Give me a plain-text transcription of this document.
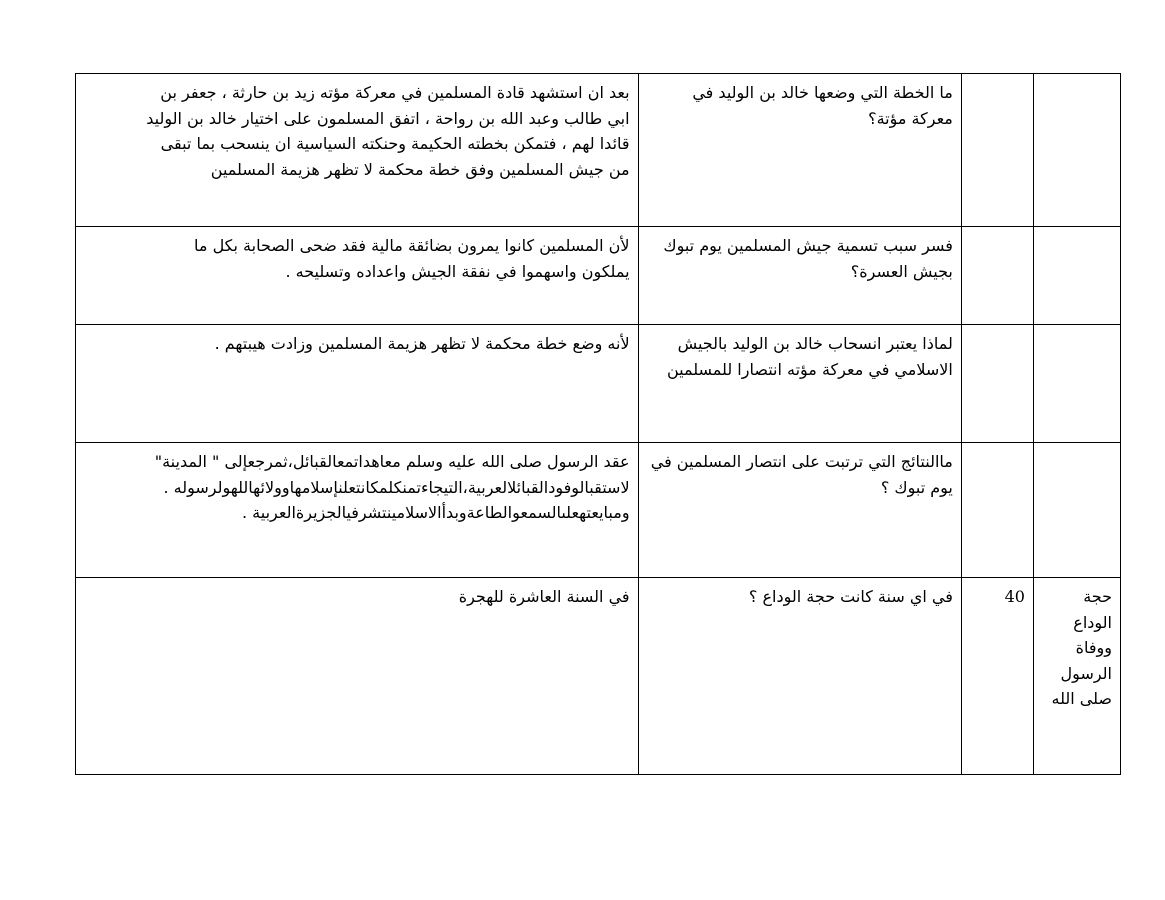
		ما الخطة التي وضعها خالد بن الوليد في معركة مؤتة؟	بعد ان استشهد قادة المسلمين في معركة مؤته زيد بن حارثة ، جعفر بن

ابي طالب وعبد الله بن رواحة ، اتفق المسلمون على اختيار خالد بن الوليد

قائدا لهم ، فتمكن بخطته الحكيمة وحنكته السياسية ان ينسحب بما تبقى

من جيش المسلمين وفق خطة محكمة لا تظهر هزيمة المسلمين

		فسر سبب تسمية جيش المسلمين يوم تبوك بجيش العسرة؟	لأن المسلمين كانوا يمرون بضائقة مالية فقد ضحى الصحابة بكل ما

يملكون واسهموا في نفقة الجيش واعداده وتسليحه .

		لماذا يعتبر انسحاب خالد بن الوليد بالجيش الاسلامي في معركة مؤته انتصارا للمسلمين	لأنه وضع خطة محكمة لا تظهر هزيمة المسلمين وزادت هيبتهم .

		ماالنتائج التي ترتبت على انتصار المسلمين في يوم تبوك ؟	عقد الرسول صلى الله عليه وسلم معاهداتمعالقبائل،ثمرجعإلى " المدينة"

لاستقبالوفودالقبائلالعربية،التيجاءتمنكلمكانتعلنإسلامهاوولائهاللهولرسوله .

ومبايعتهعلىالسمعوالطاعةوبدأالاسلامينتشرفيالجزيرةالعربية .

حجة الوداع ووفاة الرسول صلى الله	40	في اي سنة كانت حجة الوداع ؟	في السنة العاشرة للهجرة
